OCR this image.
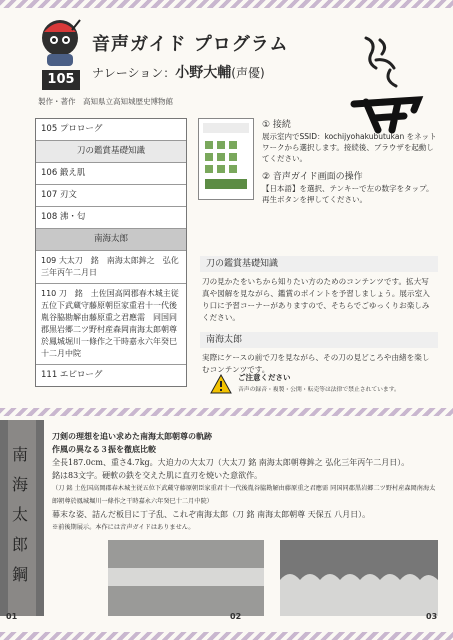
105
音声ガイド プログラム
ナレーション：小野大輔(声優)
製作・著作　高知県立高知城歴史博物館
105 プロローグ
刀の鑑賞基礎知識
106 鍛え肌
107 刃文
108 沸・匂
南海太郎
109 大太刀　銘　南海太郎鉾之　弘化三年丙午二月日
110 刀　銘　土佐国高岡郡春木城主従五位下武蔵守藤原朝臣家重君十一代後胤谷脇勘解由藤原重之君應需　同国同郡黒岩郷二ツ野村産森岡南海太郎朝尊於鳳城堀川一條作之干時嘉永六年癸巳十二月中院
111 エピローグ
① 接続
展示室内でSSID：kochijyohakubutukan をネットワークから選択します。接続後、ブラウザを起動してください。
② 音声ガイド画面の操作
【日本語】を選択、テンキーで左の数字をタップ。再生ボタンを押してください。
刀の鑑賞基礎知識
刀の見かたをいちから知りたい方のためのコンテンツです。拡大写真や図解を見ながら、鑑賞のポイントを予習しましょう。展示室入り口に予習コーナーがありますので、そちらでごゆっくりお楽しみください。
南海太郎
実際にケースの前で刀を見ながら、その刀の見どころや由緒を楽しむコンテンツです。
ご注意ください
音声の録音・複製・公開・転売等は法律で禁止されています。
南
海
太
郎
鋼
01
刀剣の理想を追い求めた南海太郎朝尊の軌跡
作風の異なる３振を徹底比較
全長187.0cm、重さ4.7kg。大迫力の大太刀（大太刀 銘 南海太郎朝尊鉾之 弘化三年丙午二月日）。
銘は83文字。硬軟の鉄を交えた肌に直刃を焼いた意欲作。
（刀 銘 土佐国高岡郡春木城主従五位下武蔵守藤原朝臣家重君十一代後胤谷脇勘解由藤原重之君應需 同国同郡黒岩郷二ツ野村産森岡南海太郎朝尊於鳳城堀川一條作之干時嘉永六年癸巳十二月中院）
幕末な姿、詰んだ板目に丁子乱、これぞ南海太郎（刀 銘 南海太郎朝尊 天保五 八月日）。
※前後期展示。本作には音声ガイドはありません。
02	03
